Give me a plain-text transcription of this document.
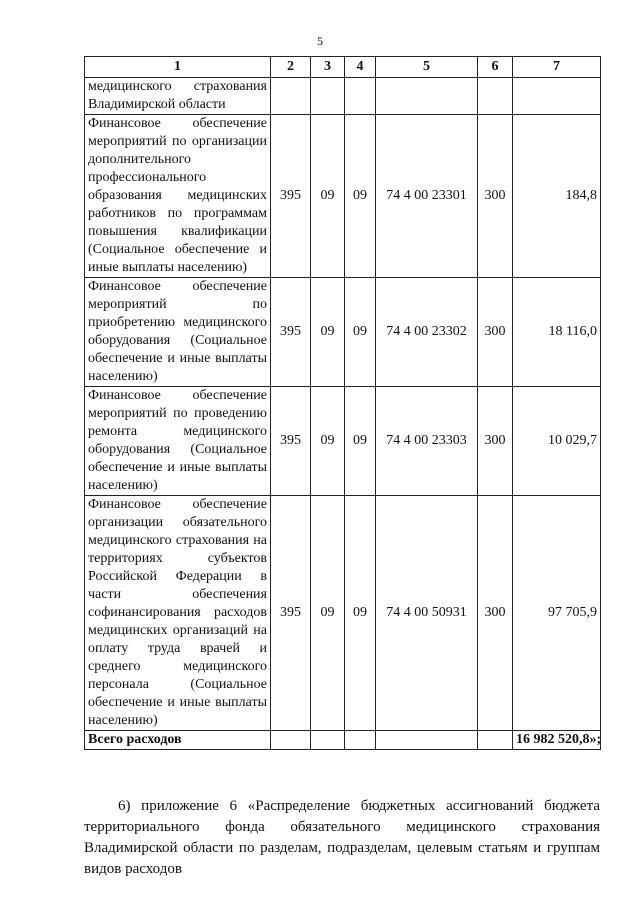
5
1	2	3	4	5	6	7
медицинского страхования Владимирской области						
Финансовое обеспечение мероприятий по организации дополнительного профессионального образования медицинских работников по программам повышения квалификации (Социальное обеспечение и иные выплаты населению)	395	09	09	74 4 00 23301	300	184,8
Финансовое обеспечение мероприятий по приобретению медицинского оборудования (Социальное обеспечение и иные выплаты населению)	395	09	09	74 4 00 23302	300	18 116,0
Финансовое обеспечение мероприятий по проведению ремонта медицинского оборудования (Социальное обеспечение и иные выплаты населению)	395	09	09	74 4 00 23303	300	10 029,7
Финансовое обеспечение организации обязательного медицинского страхования на территориях субъектов Российской Федерации в части обеспечения софинансирования расходов медицинских организаций на оплату труда врачей и среднего медицинского персонала (Социальное обеспечение и иные выплаты населению)	395	09	09	74 4 00 50931	300	97 705,9
Всего расходов						16 982 520,8»;
6) приложение 6 «Распределение бюджетных ассигнований бюджета территориального фонда обязательного медицинского страхования Владимирской области по разделам, подразделам, целевым статьям и группам видов расходов
